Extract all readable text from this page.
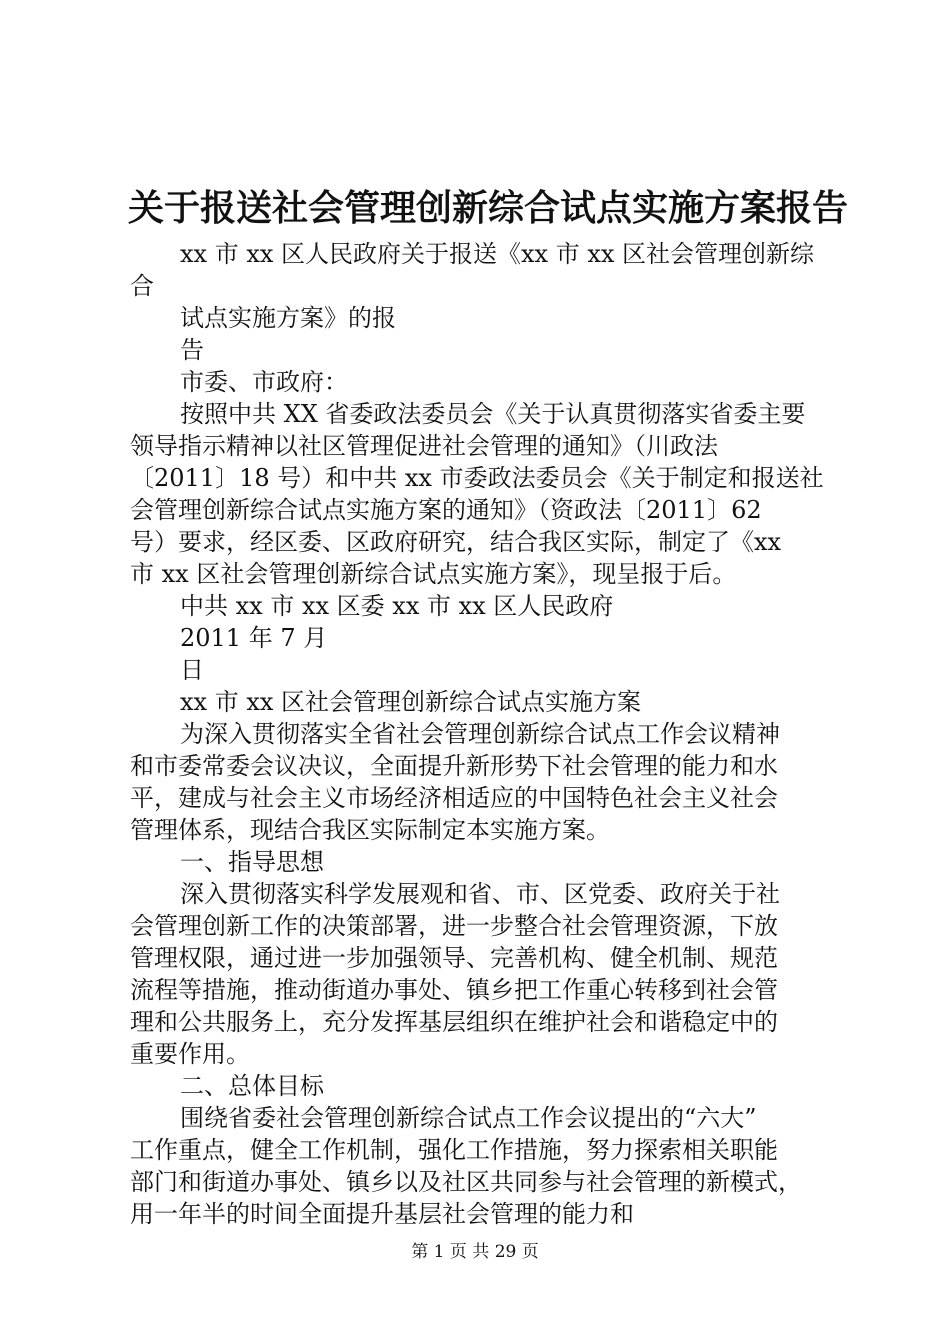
关于报送社会管理创新综合试点实施方案报告
xx 市 xx 区人民政府关于报送《xx 市 xx 区社会管理创新综
合
试点实施方案》的报
告
市委、市政府：
按照中共 XX 省委政法委员会《关于认真贯彻落实省委主要
领导指示精神以社区管理促进社会管理的通知》（川政法
〔2011〕18 号）和中共 xx 市委政法委员会《关于制定和报送社
会管理创新综合试点实施方案的通知》（资政法〔2011〕62
号）要求，经区委、区政府研究，结合我区实际，制定了《xx
市 xx 区社会管理创新综合试点实施方案》，现呈报于后。
中共 xx 市 xx 区委 xx 市 xx 区人民政府
2011 年 7 月
日
xx 市 xx 区社会管理创新综合试点实施方案
为深入贯彻落实全省社会管理创新综合试点工作会议精神
和市委常委会议决议，全面提升新形势下社会管理的能力和水
平，建成与社会主义市场经济相适应的中国特色社会主义社会
管理体系，现结合我区实际制定本实施方案。
一、指导思想
深入贯彻落实科学发展观和省、市、区党委、政府关于社
会管理创新工作的决策部署，进一步整合社会管理资源，下放
管理权限，通过进一步加强领导、完善机构、健全机制、规范
流程等措施，推动街道办事处、镇乡把工作重心转移到社会管
理和公共服务上，充分发挥基层组织在维护社会和谐稳定中的
重要作用。
二、总体目标
围绕省委社会管理创新综合试点工作会议提出的“六大”
工作重点，健全工作机制，强化工作措施，努力探索相关职能
部门和街道办事处、镇乡以及社区共同参与社会管理的新模式，
用一年半的时间全面提升基层社会管理的能力和
第 1 页 共 29 页
